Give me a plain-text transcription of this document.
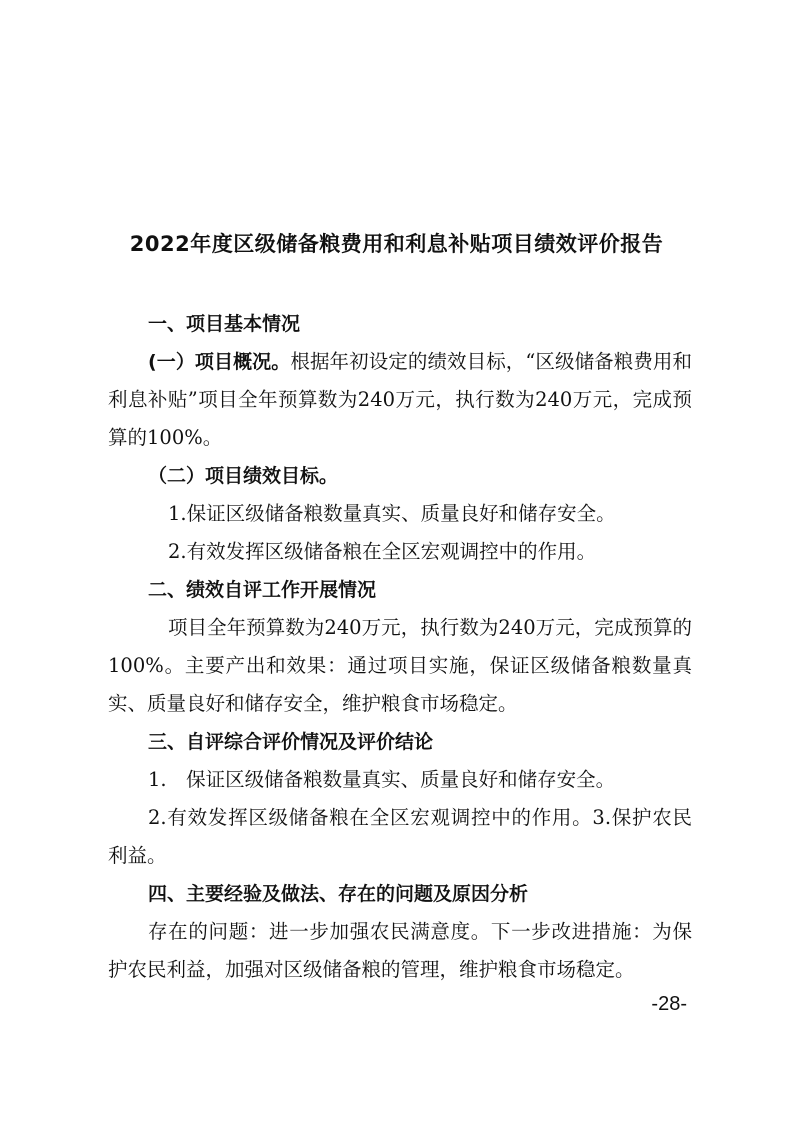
2022年度区级储备粮费用和利息补贴项目绩效评价报告

一、项目基本情况

(一）项目概况。根据年初设定的绩效目标，“区级储备粮费用和利息补贴”项目全年预算数为240万元，执行数为240万元，完成预算的100%。

（二）项目绩效目标。

1.保证区级储备粮数量真实、质量良好和储存安全。

2.有效发挥区级储备粮在全区宏观调控中的作用。

二、绩效自评工作开展情况

项目全年预算数为240万元，执行数为240万元，完成预算的100%。主要产出和效果：通过项目实施，保证区级储备粮数量真实、质量良好和储存安全，维护粮食市场稳定。

三、自评综合评价情况及评价结论

1.　保证区级储备粮数量真实、质量良好和储存安全。

2.有效发挥区级储备粮在全区宏观调控中的作用。3.保护农民利益。

四、主要经验及做法、存在的问题及原因分析

存在的问题：进一步加强农民满意度。下一步改进措施：为保护农民利益，加强对区级储备粮的管理，维护粮食市场稳定。

-28-
